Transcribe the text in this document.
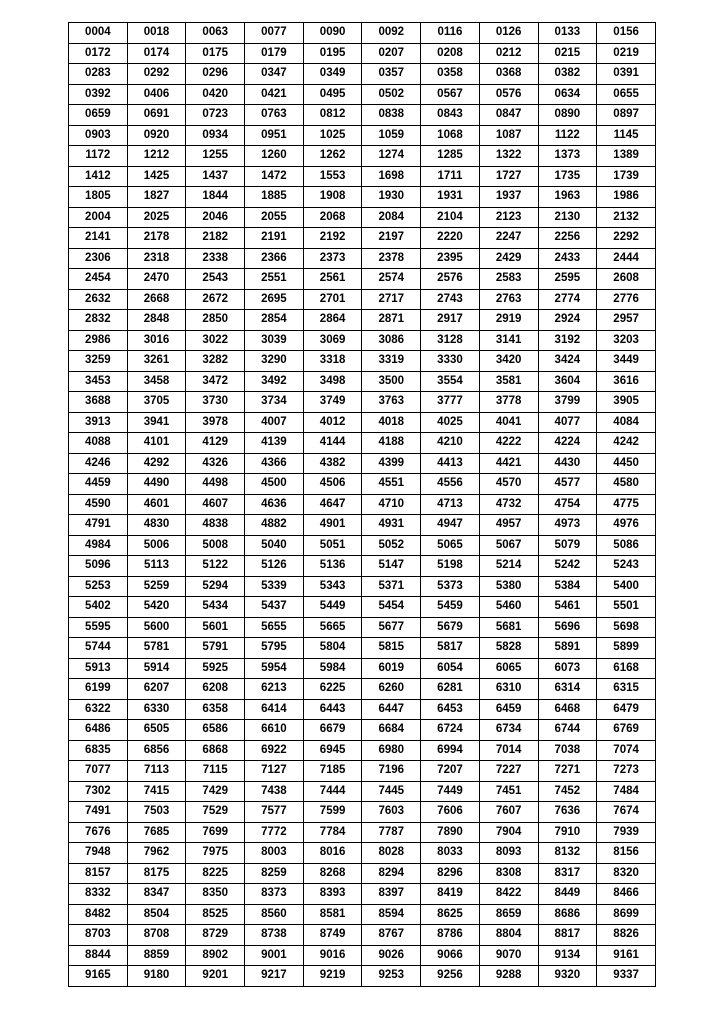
0004	0018	0063	0077	0090	0092	0116	0126	0133	0156
0172	0174	0175	0179	0195	0207	0208	0212	0215	0219
0283	0292	0296	0347	0349	0357	0358	0368	0382	0391
0392	0406	0420	0421	0495	0502	0567	0576	0634	0655
0659	0691	0723	0763	0812	0838	0843	0847	0890	0897
0903	0920	0934	0951	1025	1059	1068	1087	1122	1145
1172	1212	1255	1260	1262	1274	1285	1322	1373	1389
1412	1425	1437	1472	1553	1698	1711	1727	1735	1739
1805	1827	1844	1885	1908	1930	1931	1937	1963	1986
2004	2025	2046	2055	2068	2084	2104	2123	2130	2132
2141	2178	2182	2191	2192	2197	2220	2247	2256	2292
2306	2318	2338	2366	2373	2378	2395	2429	2433	2444
2454	2470	2543	2551	2561	2574	2576	2583	2595	2608
2632	2668	2672	2695	2701	2717	2743	2763	2774	2776
2832	2848	2850	2854	2864	2871	2917	2919	2924	2957
2986	3016	3022	3039	3069	3086	3128	3141	3192	3203
3259	3261	3282	3290	3318	3319	3330	3420	3424	3449
3453	3458	3472	3492	3498	3500	3554	3581	3604	3616
3688	3705	3730	3734	3749	3763	3777	3778	3799	3905
3913	3941	3978	4007	4012	4018	4025	4041	4077	4084
4088	4101	4129	4139	4144	4188	4210	4222	4224	4242
4246	4292	4326	4366	4382	4399	4413	4421	4430	4450
4459	4490	4498	4500	4506	4551	4556	4570	4577	4580
4590	4601	4607	4636	4647	4710	4713	4732	4754	4775
4791	4830	4838	4882	4901	4931	4947	4957	4973	4976
4984	5006	5008	5040	5051	5052	5065	5067	5079	5086
5096	5113	5122	5126	5136	5147	5198	5214	5242	5243
5253	5259	5294	5339	5343	5371	5373	5380	5384	5400
5402	5420	5434	5437	5449	5454	5459	5460	5461	5501
5595	5600	5601	5655	5665	5677	5679	5681	5696	5698
5744	5781	5791	5795	5804	5815	5817	5828	5891	5899
5913	5914	5925	5954	5984	6019	6054	6065	6073	6168
6199	6207	6208	6213	6225	6260	6281	6310	6314	6315
6322	6330	6358	6414	6443	6447	6453	6459	6468	6479
6486	6505	6586	6610	6679	6684	6724	6734	6744	6769
6835	6856	6868	6922	6945	6980	6994	7014	7038	7074
7077	7113	7115	7127	7185	7196	7207	7227	7271	7273
7302	7415	7429	7438	7444	7445	7449	7451	7452	7484
7491	7503	7529	7577	7599	7603	7606	7607	7636	7674
7676	7685	7699	7772	7784	7787	7890	7904	7910	7939
7948	7962	7975	8003	8016	8028	8033	8093	8132	8156
8157	8175	8225	8259	8268	8294	8296	8308	8317	8320
8332	8347	8350	8373	8393	8397	8419	8422	8449	8466
8482	8504	8525	8560	8581	8594	8625	8659	8686	8699
8703	8708	8729	8738	8749	8767	8786	8804	8817	8826
8844	8859	8902	9001	9016	9026	9066	9070	9134	9161
9165	9180	9201	9217	9219	9253	9256	9288	9320	9337
